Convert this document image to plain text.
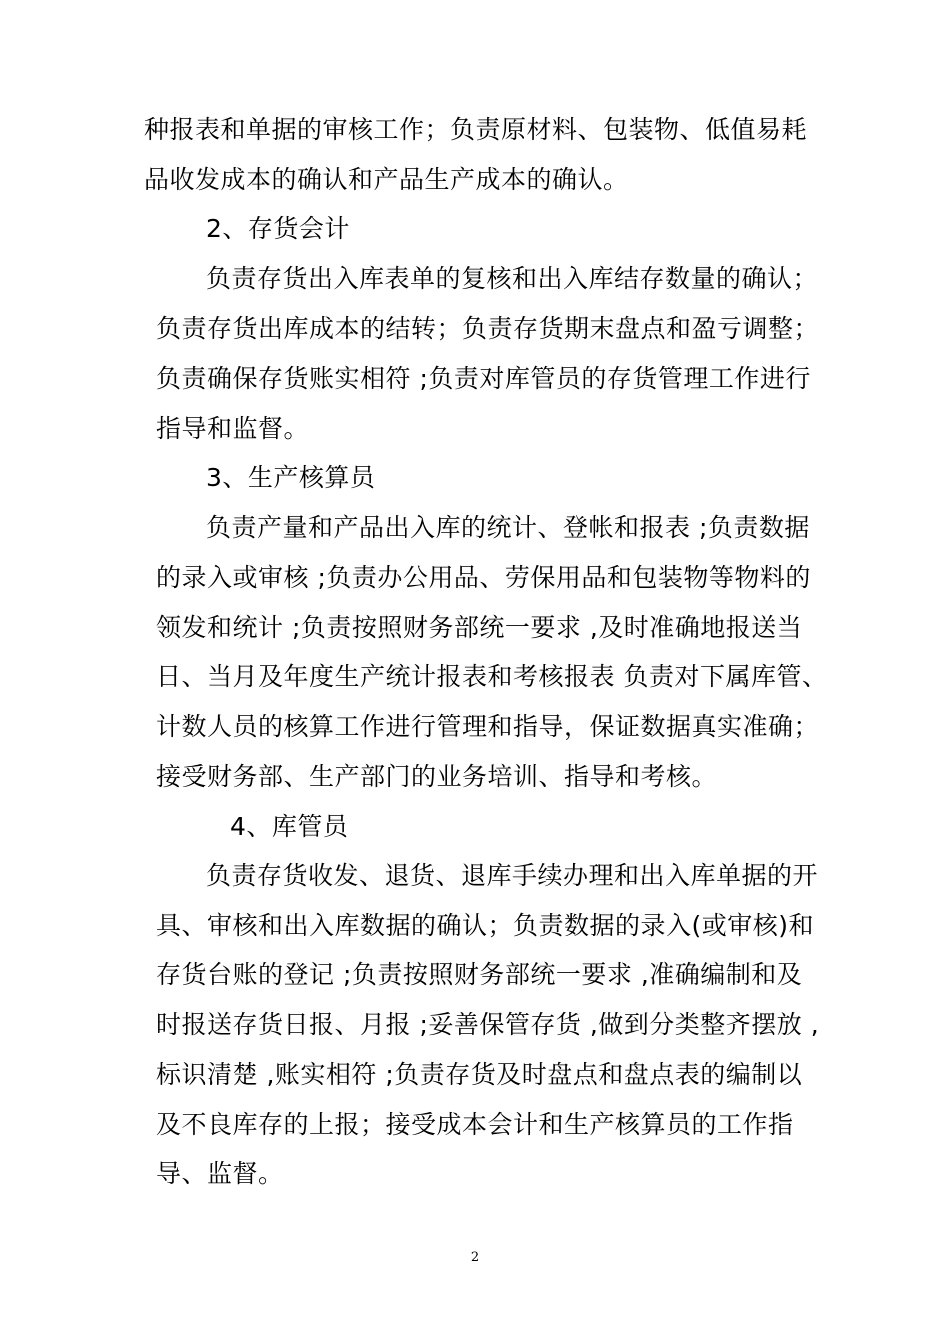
种报表和单据的审核工作；负责原材料、包装物、低值易耗

品收发成本的确认和产品生产成本的确认。

2、存货会计

负责存货出入库表单的复核和出入库结存数量的确认；

负责存货出库成本的结转；负责存货期末盘点和盈亏调整；

负责确保存货账实相符 ;负责对库管员的存货管理工作进行

指导和监督。

3、生产核算员

负责产量和产品出入库的统计、登帐和报表 ;负责数据

的录入或审核 ;负责办公用品、劳保用品和包装物等物料的

领发和统计 ;负责按照财务部统一要求 ,及时准确地报送当

日、当月及年度生产统计报表和考核报表 负责对下属库管、

计数人员的核算工作进行管理和指导，保证数据真实准确；

接受财务部、生产部门的业务培训、指导和考核。

4、库管员

负责存货收发、退货、退库手续办理和出入库单据的开

具、审核和出入库数据的确认；负责数据的录入(或审核)和

存货台账的登记 ;负责按照财务部统一要求 ,准确编制和及

时报送存货日报、月报 ;妥善保管存货 ,做到分类整齐摆放 ,

标识清楚 ,账实相符 ;负责存货及时盘点和盘点表的编制以

及不良库存的上报；接受成本会计和生产核算员的工作指

导、监督。

2
